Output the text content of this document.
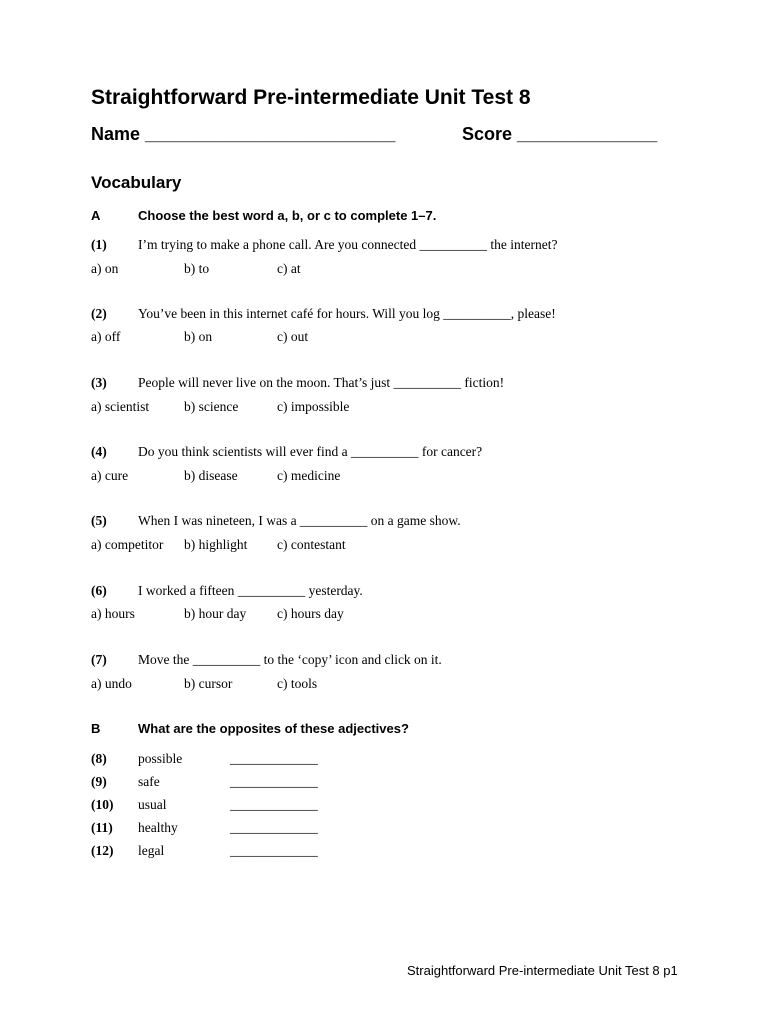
Straightforward Pre-intermediate Unit Test 8
Name _________________________	Score ______________
Vocabulary
A	Choose the best word a, b, or c to complete 1–7.
(1) I’m trying to make a phone call. Are you connected __________ the internet?
a) on	b) to	c) at
(2) You’ve been in this internet café for hours. Will you log __________, please!
a) off	b) on	c) out
(3) People will never live on the moon. That’s just __________ fiction!
a) scientist	b) science	c) impossible
(4) Do you think scientists will ever find a __________ for cancer?
a) cure	b) disease	c) medicine
(5) When I was nineteen, I was a __________ on a game show.
a) competitor b) highlight c) contestant
(6) I worked a fifteen __________ yesterday.
a) hours	b) hour day c) hours day
(7) Move the __________ to the ‘copy’ icon and click on it.
a) undo	b) cursor	c) tools
B	What are the opposites of these adjectives?
(8) possible	_____________
(9) safe	_____________
(10) usual	_____________
(11) healthy	_____________
(12) legal	_____________
Straightforward Pre-intermediate Unit Test 8 p1
